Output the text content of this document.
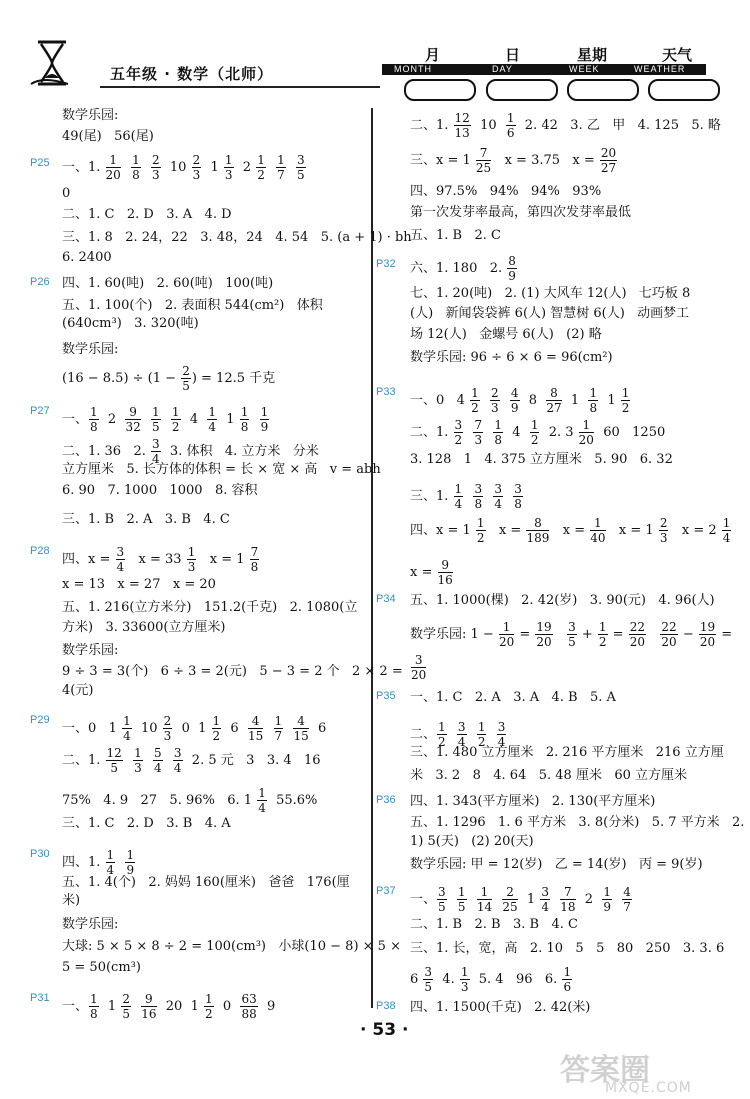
五年级 · 数学（北师）
月	日	星期	天气
MONTH	DAY	WEEK	WEATHER
P25
P26
P27
P28
P29
P30
P31
P32
P33
P34
P35
P36
P37
P38
数学乐园:
49(尾)   56(尾)
一、1. $\frac{1}{20}$
$\frac{1}{8}$
$\frac{2}{3} 10 \frac{2}{3} 1 \frac{1}{3} 2 \frac{1}{2}$
$\frac{1}{7}$
$\frac{3}{5}$
0
二、1. C   2. D   3. A   4. D
三、1. 8   2. 24，22   3. 48，24   4. 54   5. (a + 1) · bh
6. 2400
四、1. 60(吨)   2. 60(吨)   100(吨)
五、1. 100(个)   2. 表面积 544(cm²)   体积
(640cm³)   3. 320(吨)
数学乐园:
$(16 - 8.5) \div (1 - \frac{2}{5}$ ) = 12.5 千克
一、 $\frac{1}{8} 2 \frac{9}{32}$
$\frac{1}{5}$
$\frac{1}{2} 4 \frac{1}{4} 1 \frac{1}{8}$
$\frac{1}{9}$
二、1. 36   2. $\frac{3}{4} 3$. 体积   4. 立方米   分米
立方厘米   5. 长方体的体积 = 长 × 宽 × 高   v = abh
6. 90   7. 1000   1000   8. 容积
三、1. B   2. A   3. B   4. C
四、$x = \frac{3}{4}$ $x = 33 \frac{1}{3}$ $x = 1 \frac{7}{8}$
x = 13   x = 27   x = 20
五、1. 216(立方米分)   151.2(千克)   2. 1080(立
方米)   3. 33600(立方厘米)
数学乐园:
9 ÷ 3 = 3(个)   6 ÷ 3 = 2(元)   5 − 3 = 2 个   2 × 2 =
4(元)
一、0   $1 \frac{1}{4} 10 \frac{2}{3} 0$  $1 \frac{1}{2} 6 \frac{4}{15}$
$\frac{1}{7}$
$\frac{4}{15} 6$
二、1. $\frac{12}{5}$
$\frac{1}{3}$
$\frac{5}{4}$
$\frac{3}{4} 2$. 5 元   3   3. 4   16
75%   4. 9   27   5. 96%   6. $1 \frac{1}{4} 55.6\%$
三、1. C   2. D   3. B   4. A
四、1. $\frac{1}{4}$
$\frac{1}{9}$
五、1. 4(个)   2. 妈妈 160(厘米)   爸爸   176(厘
米)
数学乐园:
大球: 5 × 5 × 8 ÷ 2 = 100(cm³)   小球(10 − 8) × 5 ×
5 = 50(cm³)
一、 $\frac{1}{8} 1 \frac{2}{5}$
$\frac{9}{16} 20$  $1 \frac{1}{2} 0 \frac{63}{88} 9$
二、1. $\frac{12}{13} 10 \frac{1}{6} 2$. 42   3. 乙   甲   4. 125   5. 略
三、$x = 1 \frac{7}{25}$ x = 3.75   $x = \frac{20}{27}$
四、97.5%   94%   94%   93%
第一次发芽率最高，第四次发芽率最低
五、1. B   2. C
六、1. 180   2. $\frac{8}{9}$
七、1. 20(吨)   2. (1) 大风车 12(人)   七巧板 8
(人)   新闻袋袋裤 6(人) 智慧树 6(人)   动画梦工
场 12(人)   金螺号 6(人)   (2) 略
数学乐园: 96 ÷ 6 × 6 = 96(cm²)
一、0   $4 \frac{1}{2}$
$\frac{2}{3}$
$\frac{4}{9} 8 \frac{8}{27} 1 \frac{1}{8} 1 \frac{1}{2}$
二、1. $\frac{3}{2}$
$\frac{7}{3}$
$\frac{1}{8} 4 \frac{1}{2} 2$. $3 \frac{1}{20} 60$   1250
3. 128   1   4. 375 立方厘米   5. 90   6. 32
三、1. $\frac{1}{4}$
$\frac{3}{8}$
$\frac{3}{4}$
$\frac{3}{8}$
四、$x = 1 \frac{1}{2}$ $x = \frac{8}{189}$ $x = \frac{1}{40}$ $x = 1 \frac{2}{3}$ $x = 2 \frac{1}{4}$
$x = \frac{9}{16}$
五、1. 1000(棵)   2. 42(岁)   3. 90(元)   4. 96(人)
数学乐园: $1 - \frac{1}{20} = \frac{19}{20}$
$\frac{3}{5} + \frac{1}{2} = \frac{22}{20}$
$\frac{22}{20} - \frac{19}{20}$ =
$\frac{3}{20}$
一、1. C   2. A   3. A   4. B   5. A
二、 $\frac{1}{2}$
$\frac{3}{4}$
$\frac{1}{2}$
$\frac{3}{4}$
三、1. 480 立方厘米   2. 216 平方厘米   216 立方厘
米   3. 2   8   4. 64   5. 48 厘米   60 立方厘米
四、1. 343(平方厘米)   2. 130(平方厘米)
五、1. 1296   1. 6 平方米   3. 8(分米)   5. 7 平方米   2.
1) 5(天)   (2) 20(天)
数学乐园: 甲 = 12(岁)   乙 = 14(岁)   丙 = 9(岁)
一、 $\frac{3}{5}$
$\frac{1}{5}$
$\frac{1}{14}$
$\frac{2}{25} 1 \frac{3}{4}$
$\frac{7}{18} 2 \frac{1}{9}$
$\frac{4}{7}$
二、1. B   2. B   3. B   4. C
三、1. 长，宽，高   2. 10   5   5   80   250   3. 3. 6
$6 \frac{3}{5} 4$. $\frac{1}{3} 5$. 4   96   6. $\frac{1}{6}$
四、1. 1500(千克)   2. 42(米)
· 53 ·
答案圈
MXQE.COM
